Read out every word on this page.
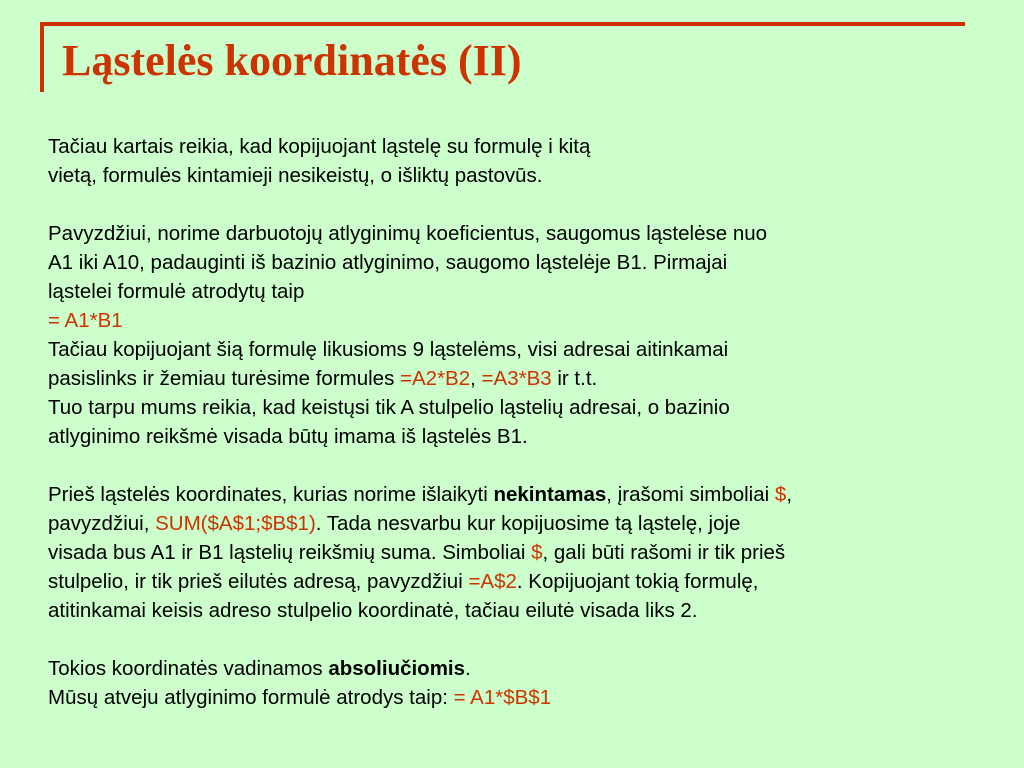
Ląstelės koordinatės (II)

Tačiau kartais reikia, kad kopijuojant ląstelę su formulę i kitą

vietą, formulės kintamieji nesikeistų, o išliktų pastovūs.

Pavyzdžiui, norime darbuotojų atlyginimų koeficientus, saugomus ląstelėse nuo

A1 iki A10, padauginti iš bazinio atlyginimo, saugomo ląstelėje B1. Pirmajai

ląstelei formulė atrodytų taip

= A1*B1

Tačiau kopijuojant šią formulę likusioms 9 ląstelėms, visi adresai aitinkamai

pasislinks ir žemiau turėsime formules =A2*B2, =A3*B3 ir t.t.

Tuo tarpu mums reikia, kad keistųsi tik A stulpelio ląstelių adresai, o bazinio

atlyginimo reikšmė visada būtų imama iš ląstelės B1.

Prieš ląstelės koordinates, kurias norime išlaikyti nekintamas, įrašomi simboliai $,

pavyzdžiui, SUM($A$1;$B$1). Tada nesvarbu kur kopijuosime tą ląstelę, joje

visada bus A1 ir B1 ląstelių reikšmių suma. Simboliai $, gali būti rašomi ir tik prieš

stulpelio, ir tik prieš eilutės adresą, pavyzdžiui =A$2. Kopijuojant tokią formulę,

atitinkamai keisis adreso stulpelio koordinatė, tačiau eilutė visada liks 2.

Tokios koordinatės vadinamos absoliučiomis.

Mūsų atveju atlyginimo formulė atrodys taip: = A1*$B$1
